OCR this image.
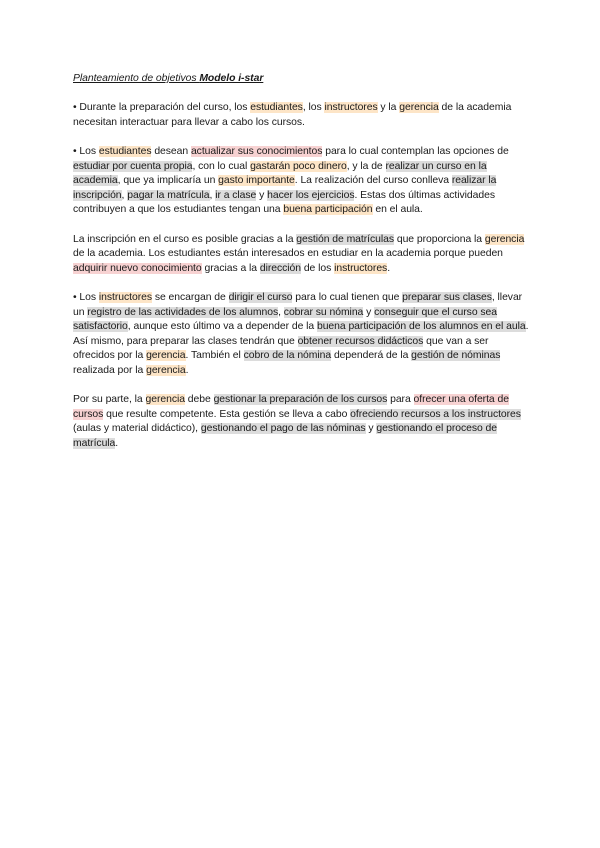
Planteamiento de objetivos Modelo i-star

• Durante la preparación del curso, los estudiantes, los instructores y la gerencia de la academia necesitan interactuar para llevar a cabo los cursos.

• Los estudiantes desean actualizar sus conocimientos para lo cual contemplan las opciones de estudiar por cuenta propia, con lo cual gastarán poco dinero, y la de realizar un curso en la academia, que ya implicaría un gasto importante. La realización del curso conlleva realizar la inscripción, pagar la matrícula, ir a clase y hacer los ejercicios. Estas dos últimas actividades contribuyen a que los estudiantes tengan una buena participación en el aula.

La inscripción en el curso es posible gracias a la gestión de matrículas que proporciona la gerencia de la academia. Los estudiantes están interesados en estudiar en la academia porque pueden adquirir nuevo conocimiento gracias a la dirección de los instructores.

• Los instructores se encargan de dirigir el curso para lo cual tienen que preparar sus clases, llevar un registro de las actividades de los alumnos, cobrar su nómina y conseguir que el curso sea satisfactorio, aunque esto último va a depender de la buena participación de los alumnos en el aula.

Así mismo, para preparar las clases tendrán que obtener recursos didácticos que van a ser ofrecidos por la gerencia. También el cobro de la nómina dependerá de la gestión de nóminas realizada por la gerencia.

Por su parte, la gerencia debe gestionar la preparación de los cursos para ofrecer una oferta de cursos que resulte competente. Esta gestión se lleva a cabo ofreciendo recursos a los instructores (aulas y material didáctico), gestionando el pago de las nóminas y gestionando el proceso de matrícula.
